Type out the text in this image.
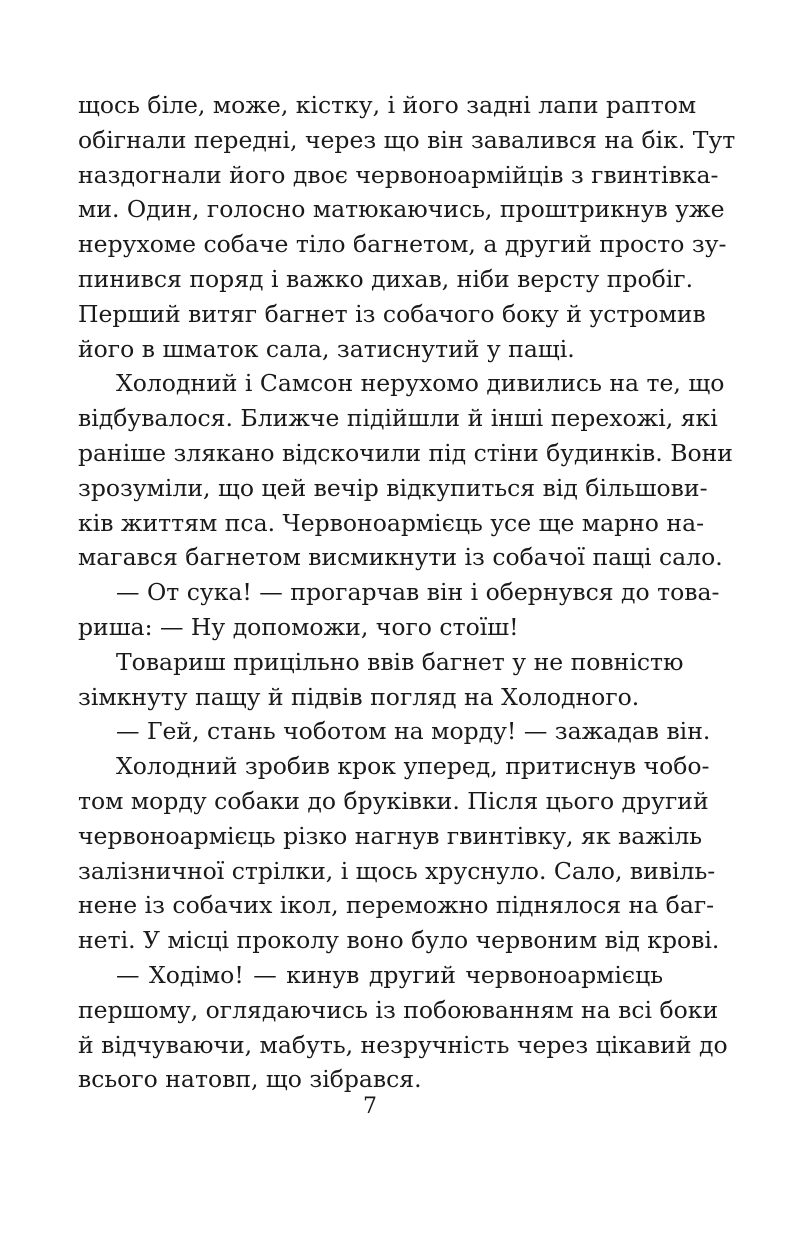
щось біле, може, кістку, і його задні лапи раптом
обігнали передні, через що він завалився на бік. Тут
наздогнали його двоє червоноармійців з гвинтівка-
ми. Один, голосно матюкаючись, проштрикнув уже
нерухоме собаче тіло багнетом, а другий просто зу-
пинився поряд і важко дихав, ніби версту пробіг.
Перший витяг багнет із собачого боку й устромив
його в шматок сала, затиснутий у пащі.
Холодний і Самсон нерухомо дивились на те, що
відбувалося. Ближче підійшли й інші перехожі, які
раніше злякано відскочили під стіни будинків. Вони
зрозуміли, що цей вечір відкупиться від більшови-
ків життям пса. Червоноармієць усе ще марно на-
магався багнетом висмикнути із собачої пащі сало.
— От сука! — прогарчав він і обернувся до това-
риша: — Ну допоможи, чого стоїш!
Товариш прицільно ввів багнет у не повністю
зімкнуту пащу й підвів погляд на Холодного.
— Гей, стань чоботом на морду! — зажадав він.
Холодний зробив крок уперед, притиснув чобо-
том морду собаки до бруківки. Після цього другий
червоноармієць різко нагнув гвинтівку, як важіль
залізничної стрілки, і щось хруснуло. Сало, вивіль-
нене із собачих ікол, переможно піднялося на баг-
неті. У місці проколу воно було червоним від крові.
— Ходімо! — кинув другий червоноармієць
першому, оглядаючись із побоюванням на всі боки
й відчуваючи, мабуть, незручність через цікавий до
всього натовп, що зібрався.
7
